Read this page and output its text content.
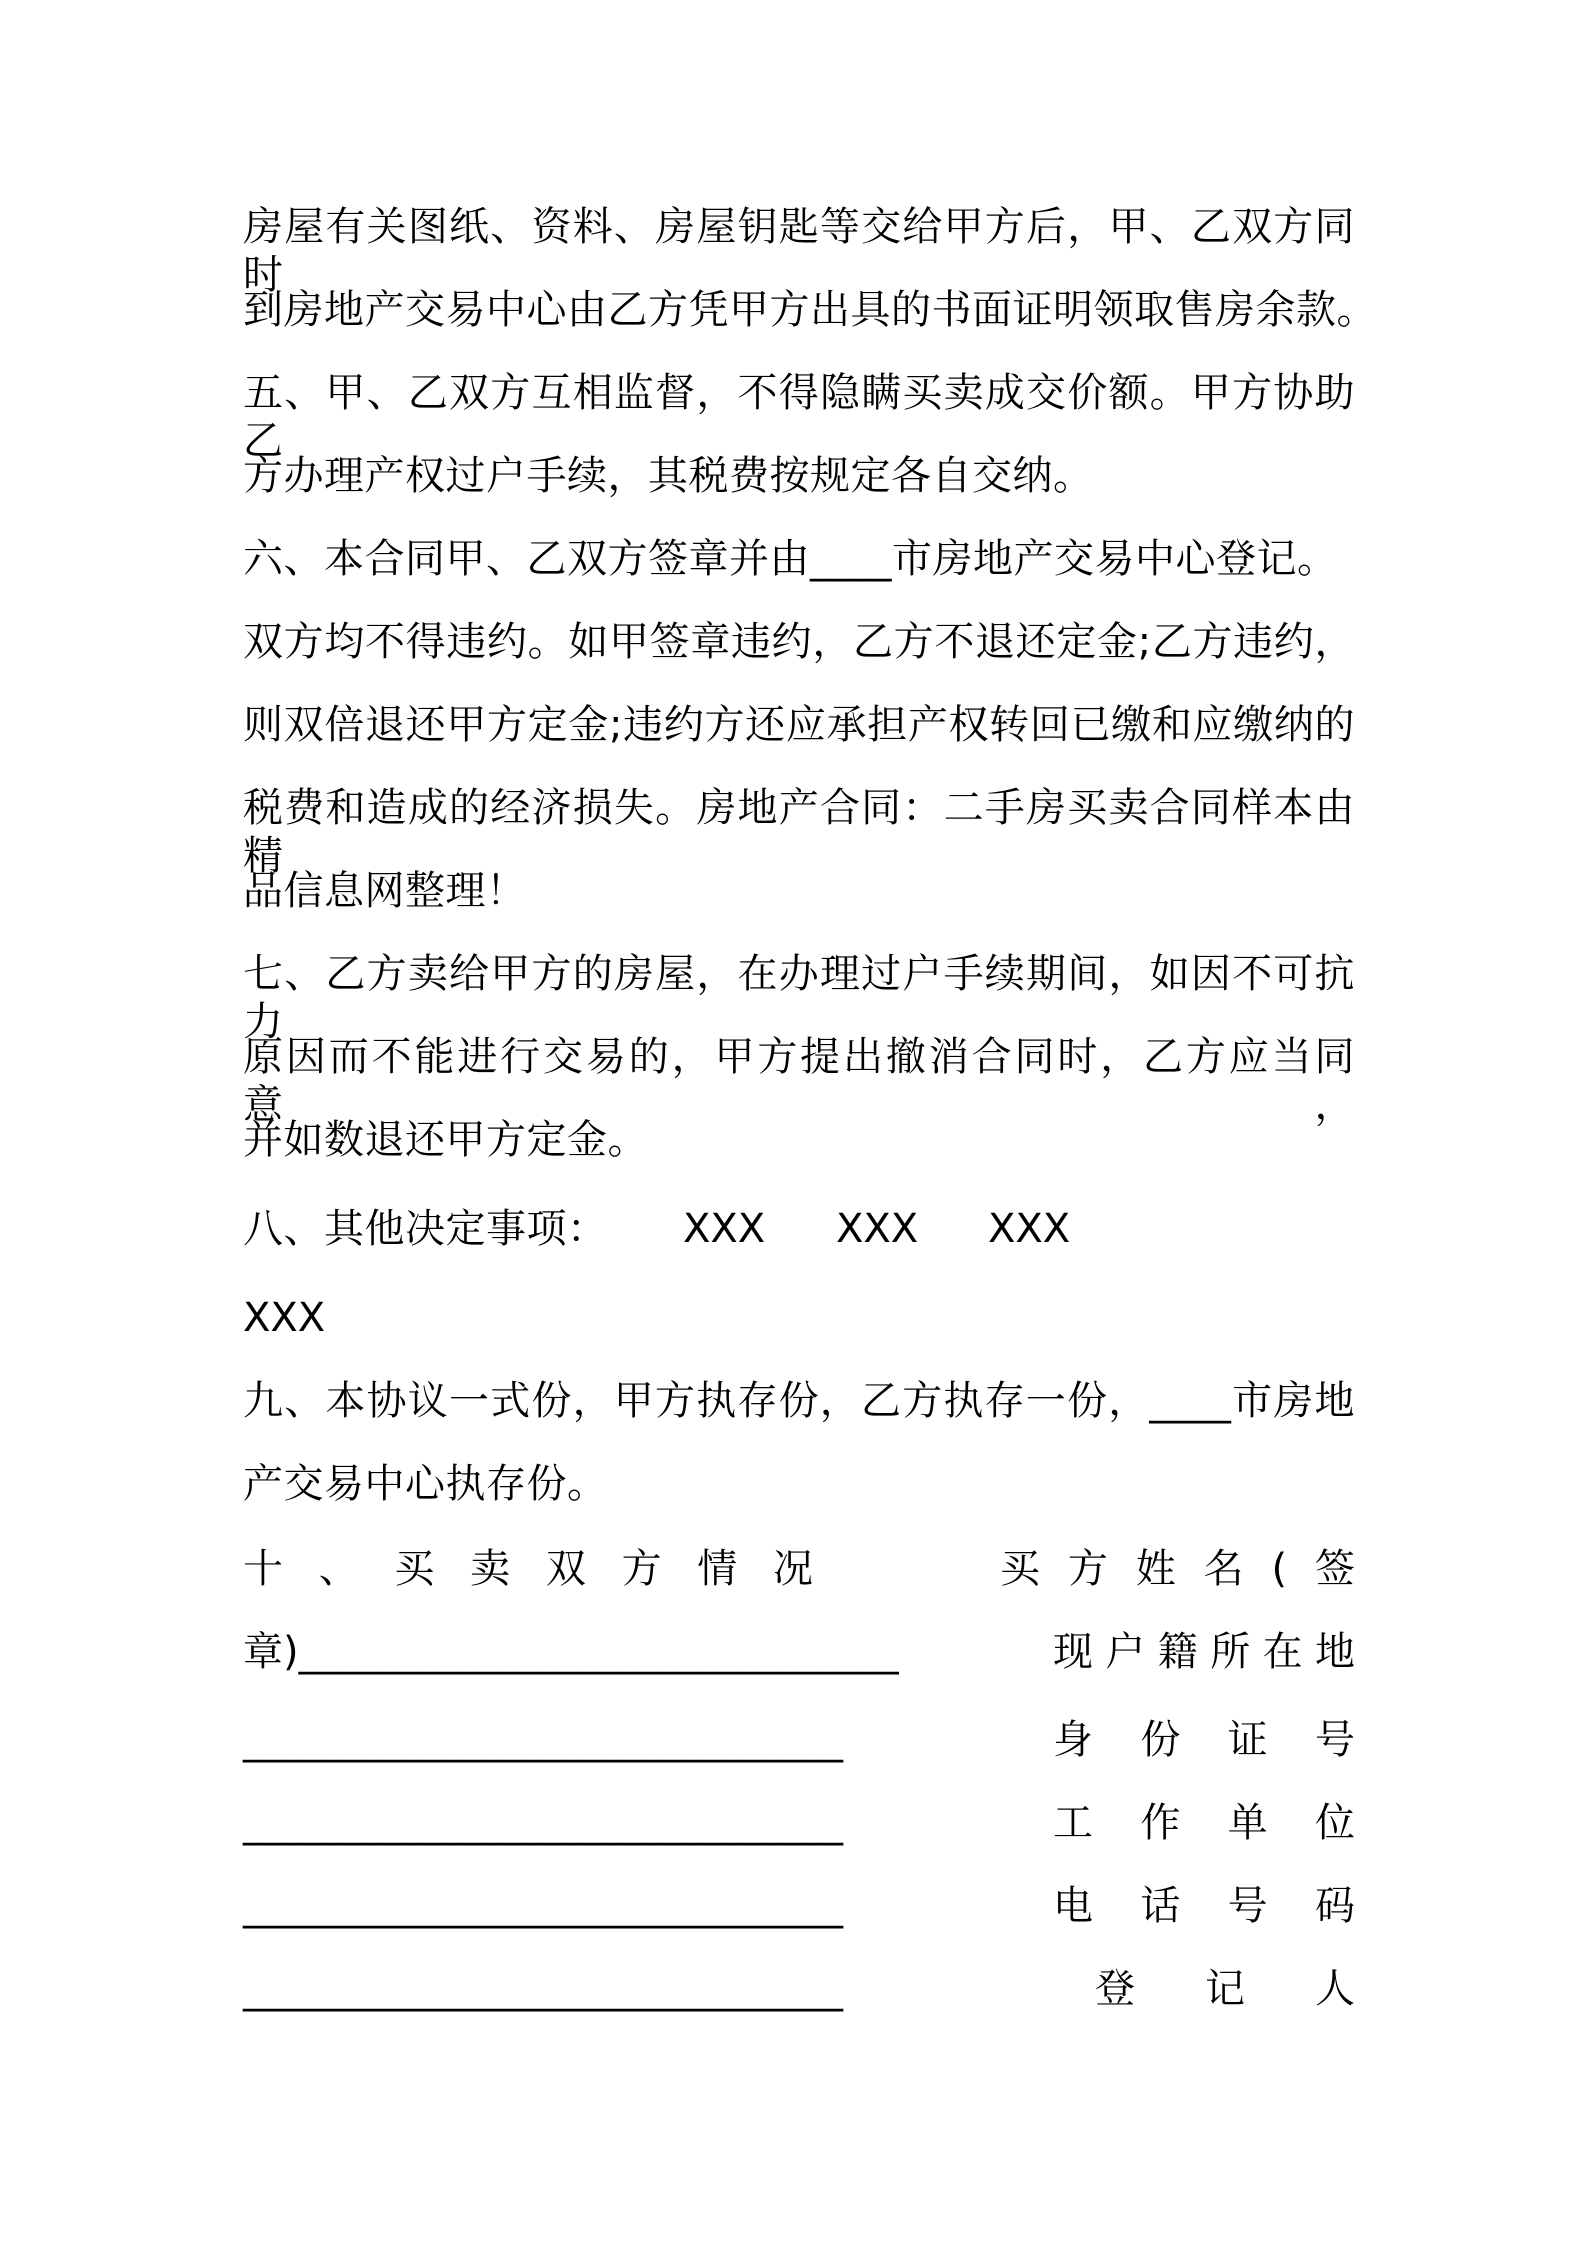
房屋有关图纸、资料、房屋钥匙等交给甲方后，甲、乙双方同时
到房地产交易中心由乙方凭甲方出具的书面证明领取售房余款。
五、甲、乙双方互相监督，不得隐瞒买卖成交价额。甲方协助乙
方办理产权过户手续，其税费按规定各自交纳。
六、本合同甲、乙双方签章并由____市房地产交易中心登记。
双方均不得违约。如甲签章违约，乙方不退还定金;乙方违约，
则双倍退还甲方定金;违约方还应承担产权转回已缴和应缴纳的
税费和造成的经济损失。房地产合同：二手房买卖合同样本由精
品信息网整理！
七、乙方卖给甲方的房屋，在办理过户手续期间，如因不可抗力
原因而不能进行交易的，甲方提出撤消合同时，乙方应当同意，
并如数退还甲方定金。
八、其他决定事项：	XXX XXX XXX
XXX
九、本协议一式份，甲方执存份，乙方执存一份，____市房地
产交易中心执存份。
十、买卖双方情况	买方姓名(签
章)______________________________	现户籍所在地
______________________________	身份证号
______________________________	工作单位
______________________________	电话号码
______________________________	登记人
